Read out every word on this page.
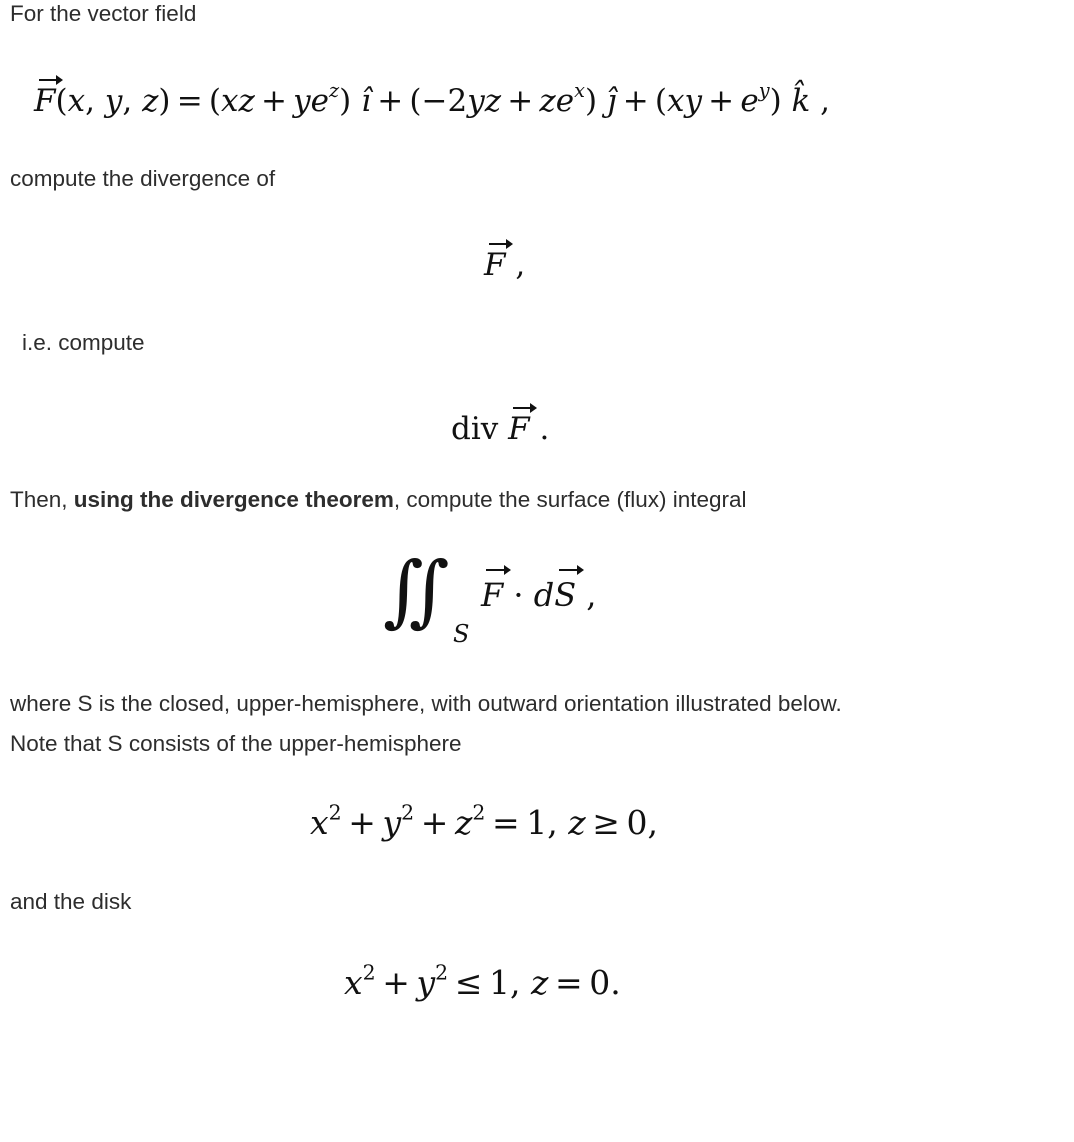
For the vector field
F(x, y, $z) = (xz + ye^z)$ î + $(-2yz + ze^x)$ ĵ + $(xy + e^y)$ k̂ ,
compute the divergence of
F ,
i.e. compute
div F .
Then, using the divergence theorem, compute the surface (flux) integral
∬ S
F · dS ,
where S is the closed, upper-hemisphere, with outward orientation illustrated below.
Note that S consists of the upper-hemisphere
$x^2 + y^2 + z^2 = 1$, z ≥ 0,
and the disk
$x^2 + y^2 \le 1$, z = 0.
